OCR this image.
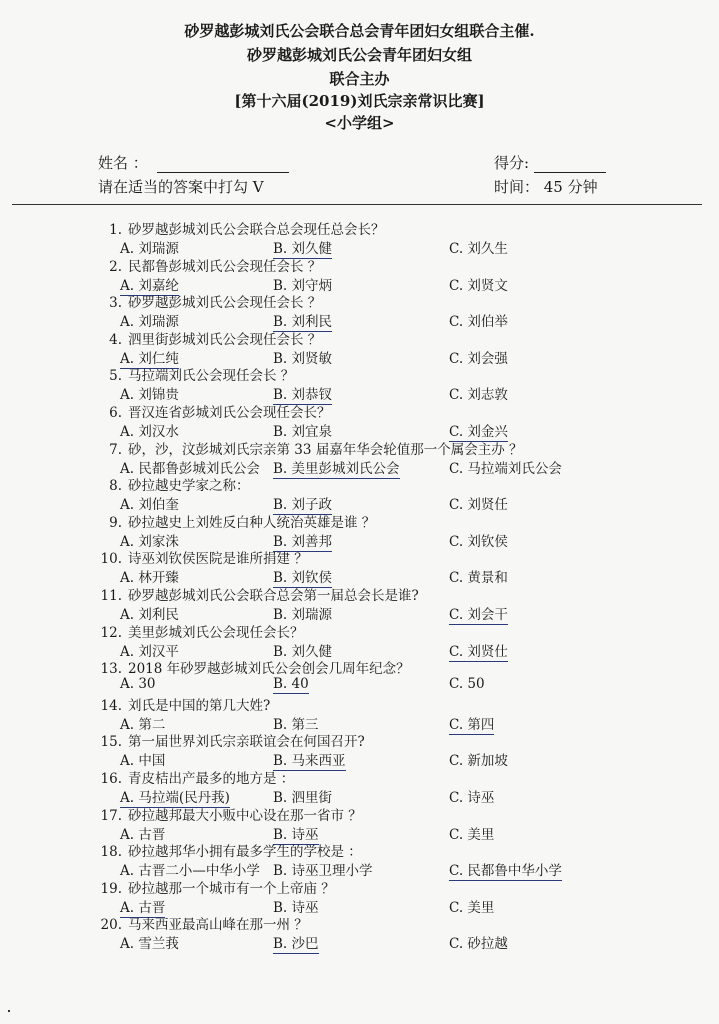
砂罗越彭城刘氏公会联合总会青年团妇女组联合主催.
砂罗越彭城刘氏公会青年团妇女组
联合主办
[第十六届(2019)刘氏宗亲常识比赛]
<小学组>
姓名 ：	得分:
请在适当的答案中打勾 V	时间： 45 分钟
1. 砂罗越彭城刘氏公会联合总会现任总会长？
A. 刘瑞源	B. 刘久健	C. 刘久生
2. 民都鲁彭城刘氏公会现任会长 ？
A. 刘嘉纶	B. 刘守炳	C. 刘贤文
3. 砂罗越彭城刘氏公会现任会长 ？
A. 刘瑞源	B. 刘利民	C. 刘伯举
4. 泗里街彭城刘氏公会现任会长 ？
A. 刘仁纯	B. 刘贤敏	C. 刘会强
5. 马拉端刘氏公会现任会长 ？
A. 刘锦贵	B. 刘恭钗	C. 刘志敦
6. 晋汉连省彭城刘氏公会现任会长？
A. 刘汉水	B. 刘宜泉	C. 刘金兴
7. 砂，沙，汶彭城刘氏宗亲第 33 届嘉年华会轮值那一个属会主办 ？
A. 民都鲁彭城刘氏公会 B. 美里彭城刘氏公会	C. 马拉端刘氏公会
8. 砂拉越史学家之称：
A. 刘伯奎	B. 刘子政	C. 刘贤任
9. 砂拉越史上刘姓反白种人统治英雄是谁 ？
A. 刘家洙	B. 刘善邦	C. 刘钦侯
10. 诗巫刘钦侯医院是谁所捐建 ？
A. 林开臻	B. 刘钦侯	C. 黄景和
11. 砂罗越彭城刘氏公会联合总会第一届总会长是谁?
A. 刘利民	B. 刘瑞源	C. 刘会干
12. 美里彭城刘氏公会现任会长？
A. 刘汉平	B. 刘久健	C. 刘贤仕
13. 2018 年砂罗越彭城刘氏公会创会几周年纪念？
A. 30	B. 40	C. 50
14. 刘氏是中国的第几大姓?
A. 第二	B. 第三	C. 第四
15. 第一届世界刘氏宗亲联谊会在何国召开?
A. 中国	B. 马来西亚	C. 新加坡
16. 青皮桔出产最多的地方是 ：
A. 马拉端(民丹莪)	B. 泗里街	C. 诗巫
17. 砂拉越邦最大小贩中心设在那一省市 ？
A. 古晋	B. 诗巫	C. 美里
18. 砂拉越邦华小拥有最多学生的学校是 ：
A. 古晋二小—中华小学 B. 诗巫卫理小学	C. 民都鲁中华小学
19. 砂拉越那一个城市有一个上帝庙 ？
A. 古晋	B. 诗巫	C. 美里
20. 马来西亚最高山峰在那一州 ？
A. 雪兰莪	B. 沙巴	C. 砂拉越
